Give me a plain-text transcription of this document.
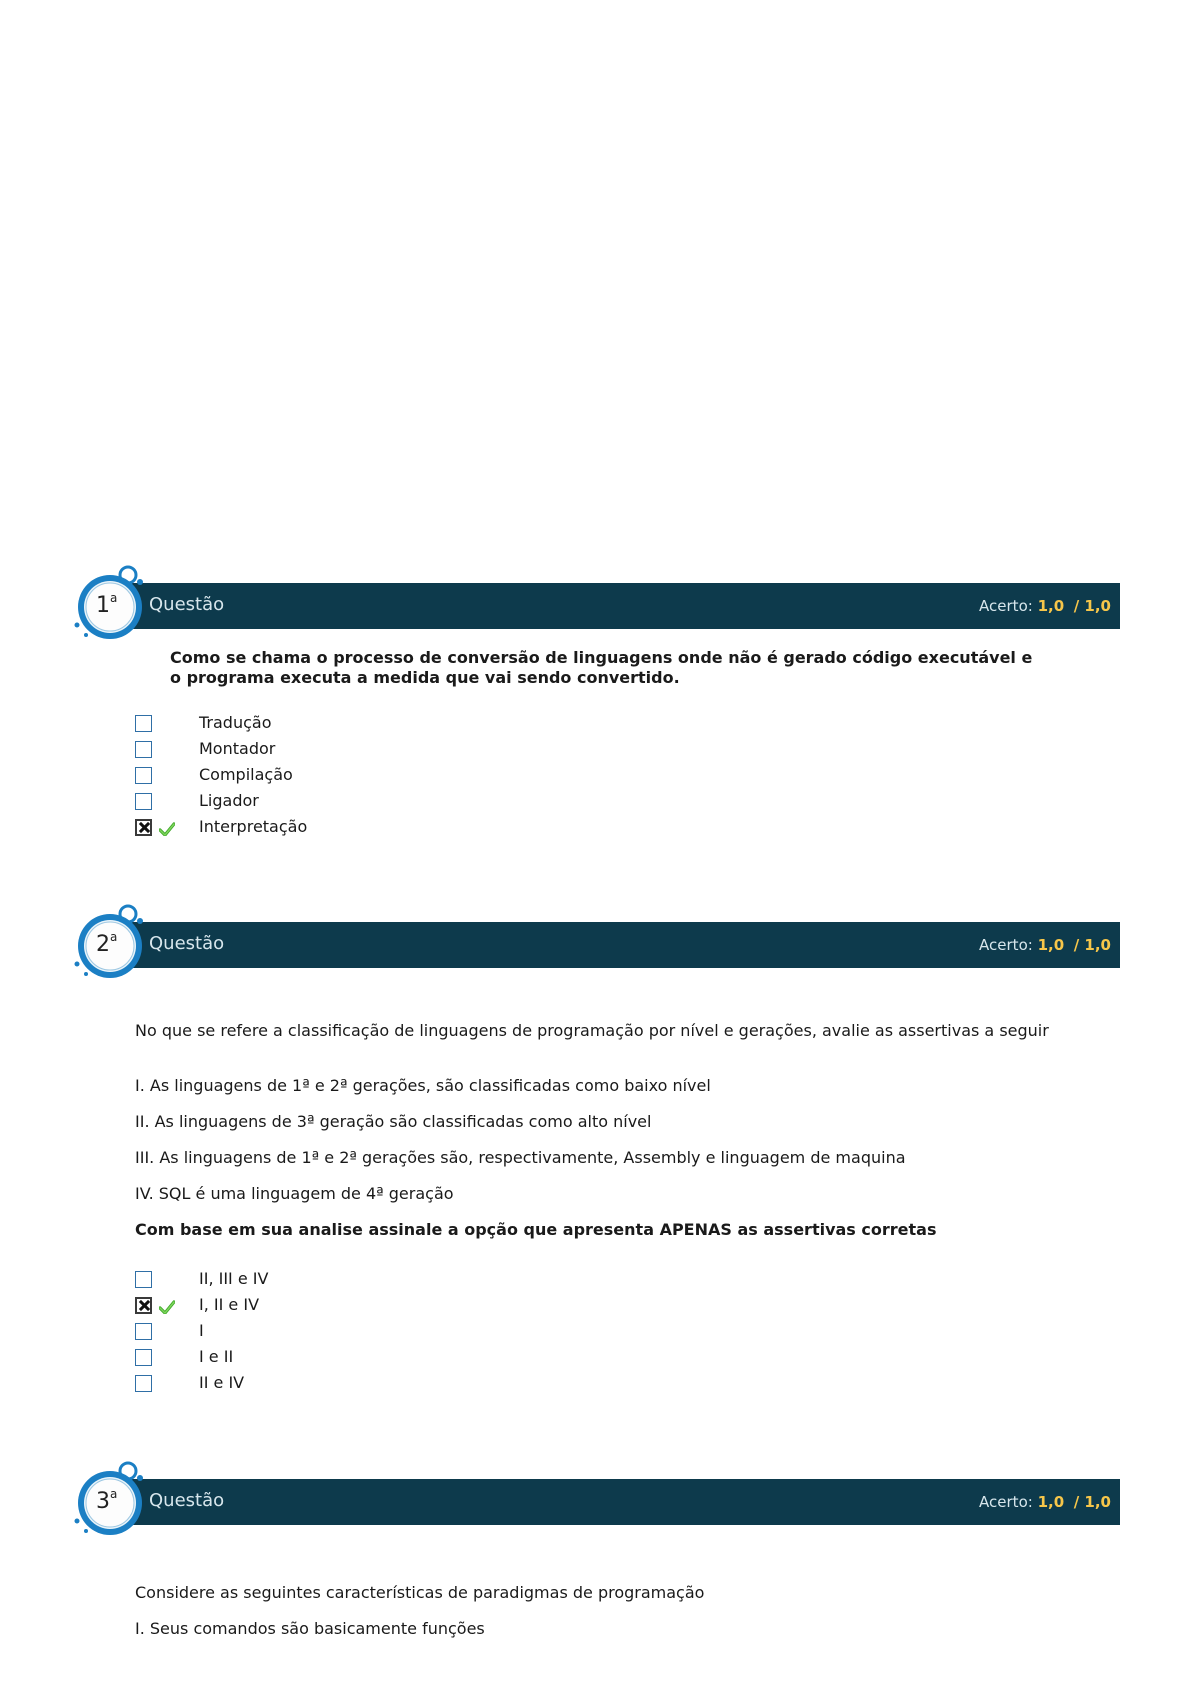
Questão	Acerto: 1,0 / 1,0
1$^a$

Como se chama o processo de conversão de linguagens onde não é gerado código executável e

o programa executa a medida que vai sendo convertido.

Tradução
Montador
Compilação
Ligador
Interpretação
Questão	Acerto: 1,0 / 1,0
2$^a$
No que se refere a classificação de linguagens de programação por nível e gerações, avalie as assertivas a seguir
I. As linguagens de 1ª e 2ª gerações, são classificadas como baixo nível
II. As linguagens de 3ª geração são classificadas como alto nível
III. As linguagens de 1ª e 2ª gerações são, respectivamente, Assembly e linguagem de maquina
IV. SQL é uma linguagem de 4ª geração
Com base em sua analise assinale a opção que apresenta APENAS as assertivas corretas
II, III e IV
I, II e IV
I
I e II
II e IV
Questão	Acerto: 1,0 / 1,0
3$^a$
Considere as seguintes características de paradigmas de programação
I. Seus comandos são basicamente funções
